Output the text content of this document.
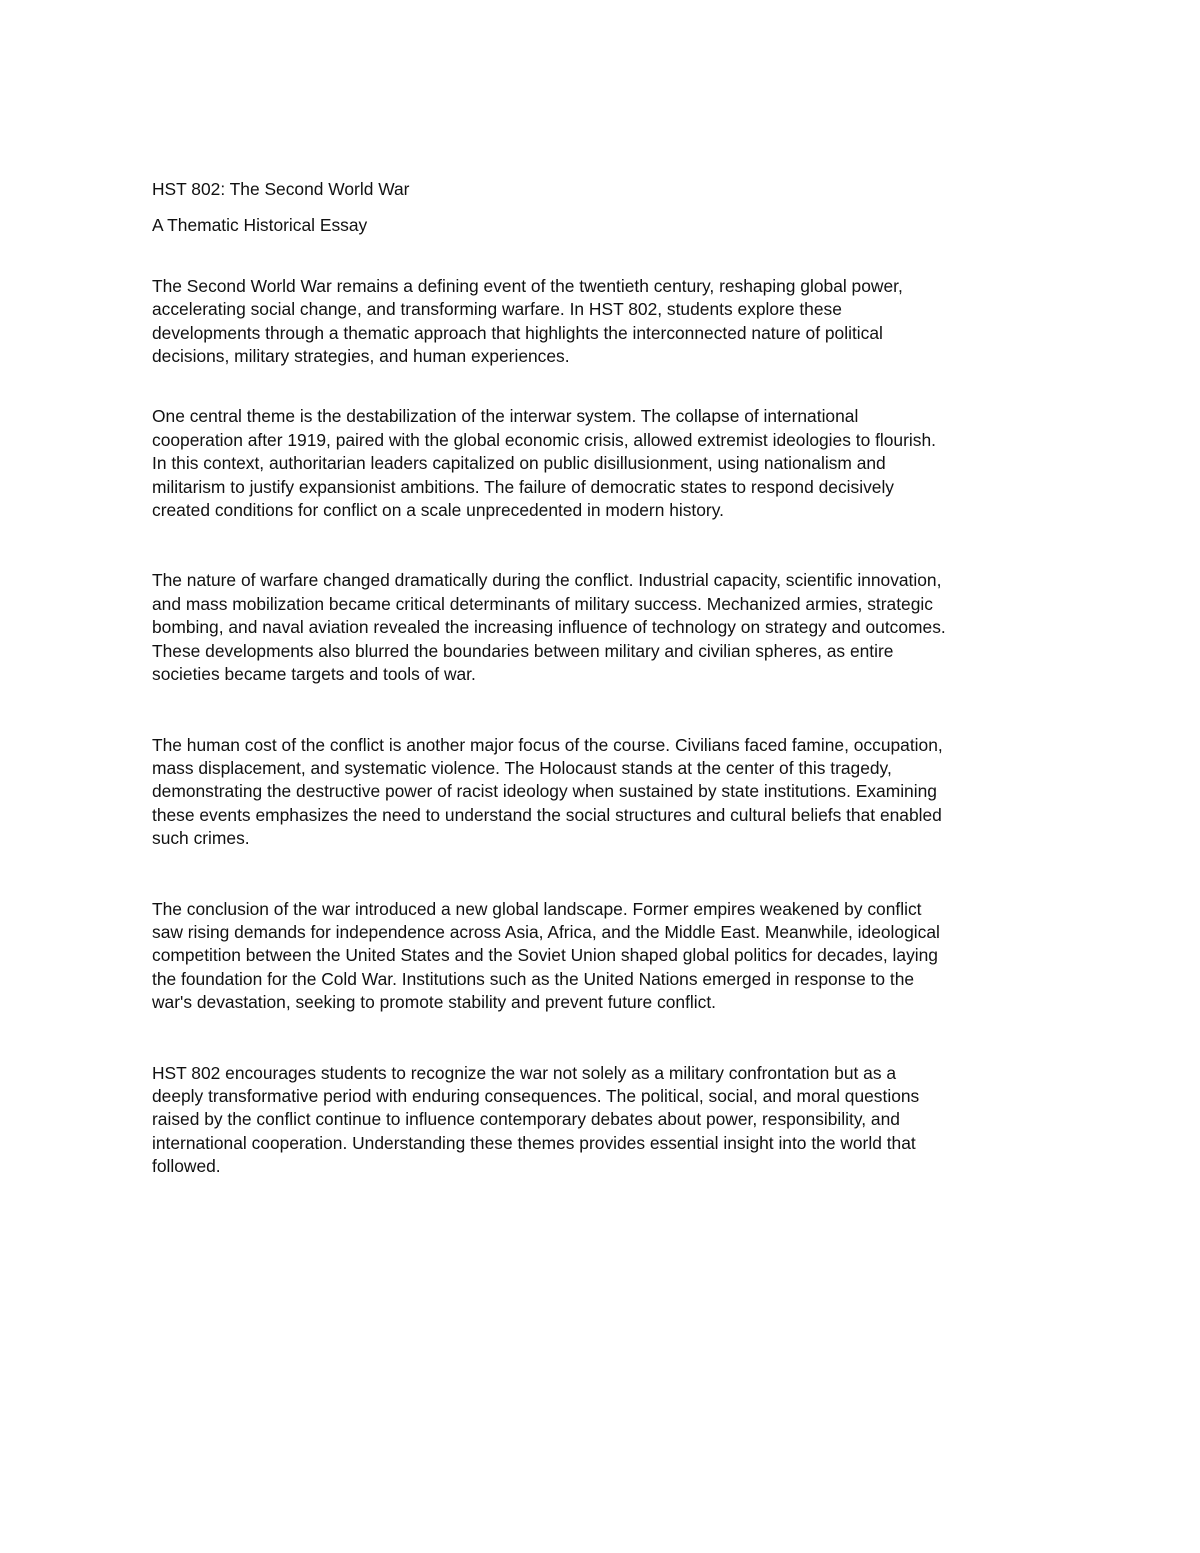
HST 802: The Second World War
A Thematic Historical Essay

The Second World War remains a defining event of the twentieth century, reshaping global power,
accelerating social change, and transforming warfare. In HST 802, students explore these
developments through a thematic approach that highlights the interconnected nature of political
decisions, military strategies, and human experiences.

One central theme is the destabilization of the interwar system. The collapse of international
cooperation after 1919, paired with the global economic crisis, allowed extremist ideologies to flourish.
In this context, authoritarian leaders capitalized on public disillusionment, using nationalism and
militarism to justify expansionist ambitions. The failure of democratic states to respond decisively
created conditions for conflict on a scale unprecedented in modern history.

The nature of warfare changed dramatically during the conflict. Industrial capacity, scientific innovation,
and mass mobilization became critical determinants of military success. Mechanized armies, strategic
bombing, and naval aviation revealed the increasing influence of technology on strategy and outcomes.
These developments also blurred the boundaries between military and civilian spheres, as entire
societies became targets and tools of war.

The human cost of the conflict is another major focus of the course. Civilians faced famine, occupation,
mass displacement, and systematic violence. The Holocaust stands at the center of this tragedy,
demonstrating the destructive power of racist ideology when sustained by state institutions. Examining
these events emphasizes the need to understand the social structures and cultural beliefs that enabled
such crimes.

The conclusion of the war introduced a new global landscape. Former empires weakened by conflict
saw rising demands for independence across Asia, Africa, and the Middle East. Meanwhile, ideological
competition between the United States and the Soviet Union shaped global politics for decades, laying
the foundation for the Cold War. Institutions such as the United Nations emerged in response to the
war's devastation, seeking to promote stability and prevent future conflict.

HST 802 encourages students to recognize the war not solely as a military confrontation but as a
deeply transformative period with enduring consequences. The political, social, and moral questions
raised by the conflict continue to influence contemporary debates about power, responsibility, and
international cooperation. Understanding these themes provides essential insight into the world that
followed.
